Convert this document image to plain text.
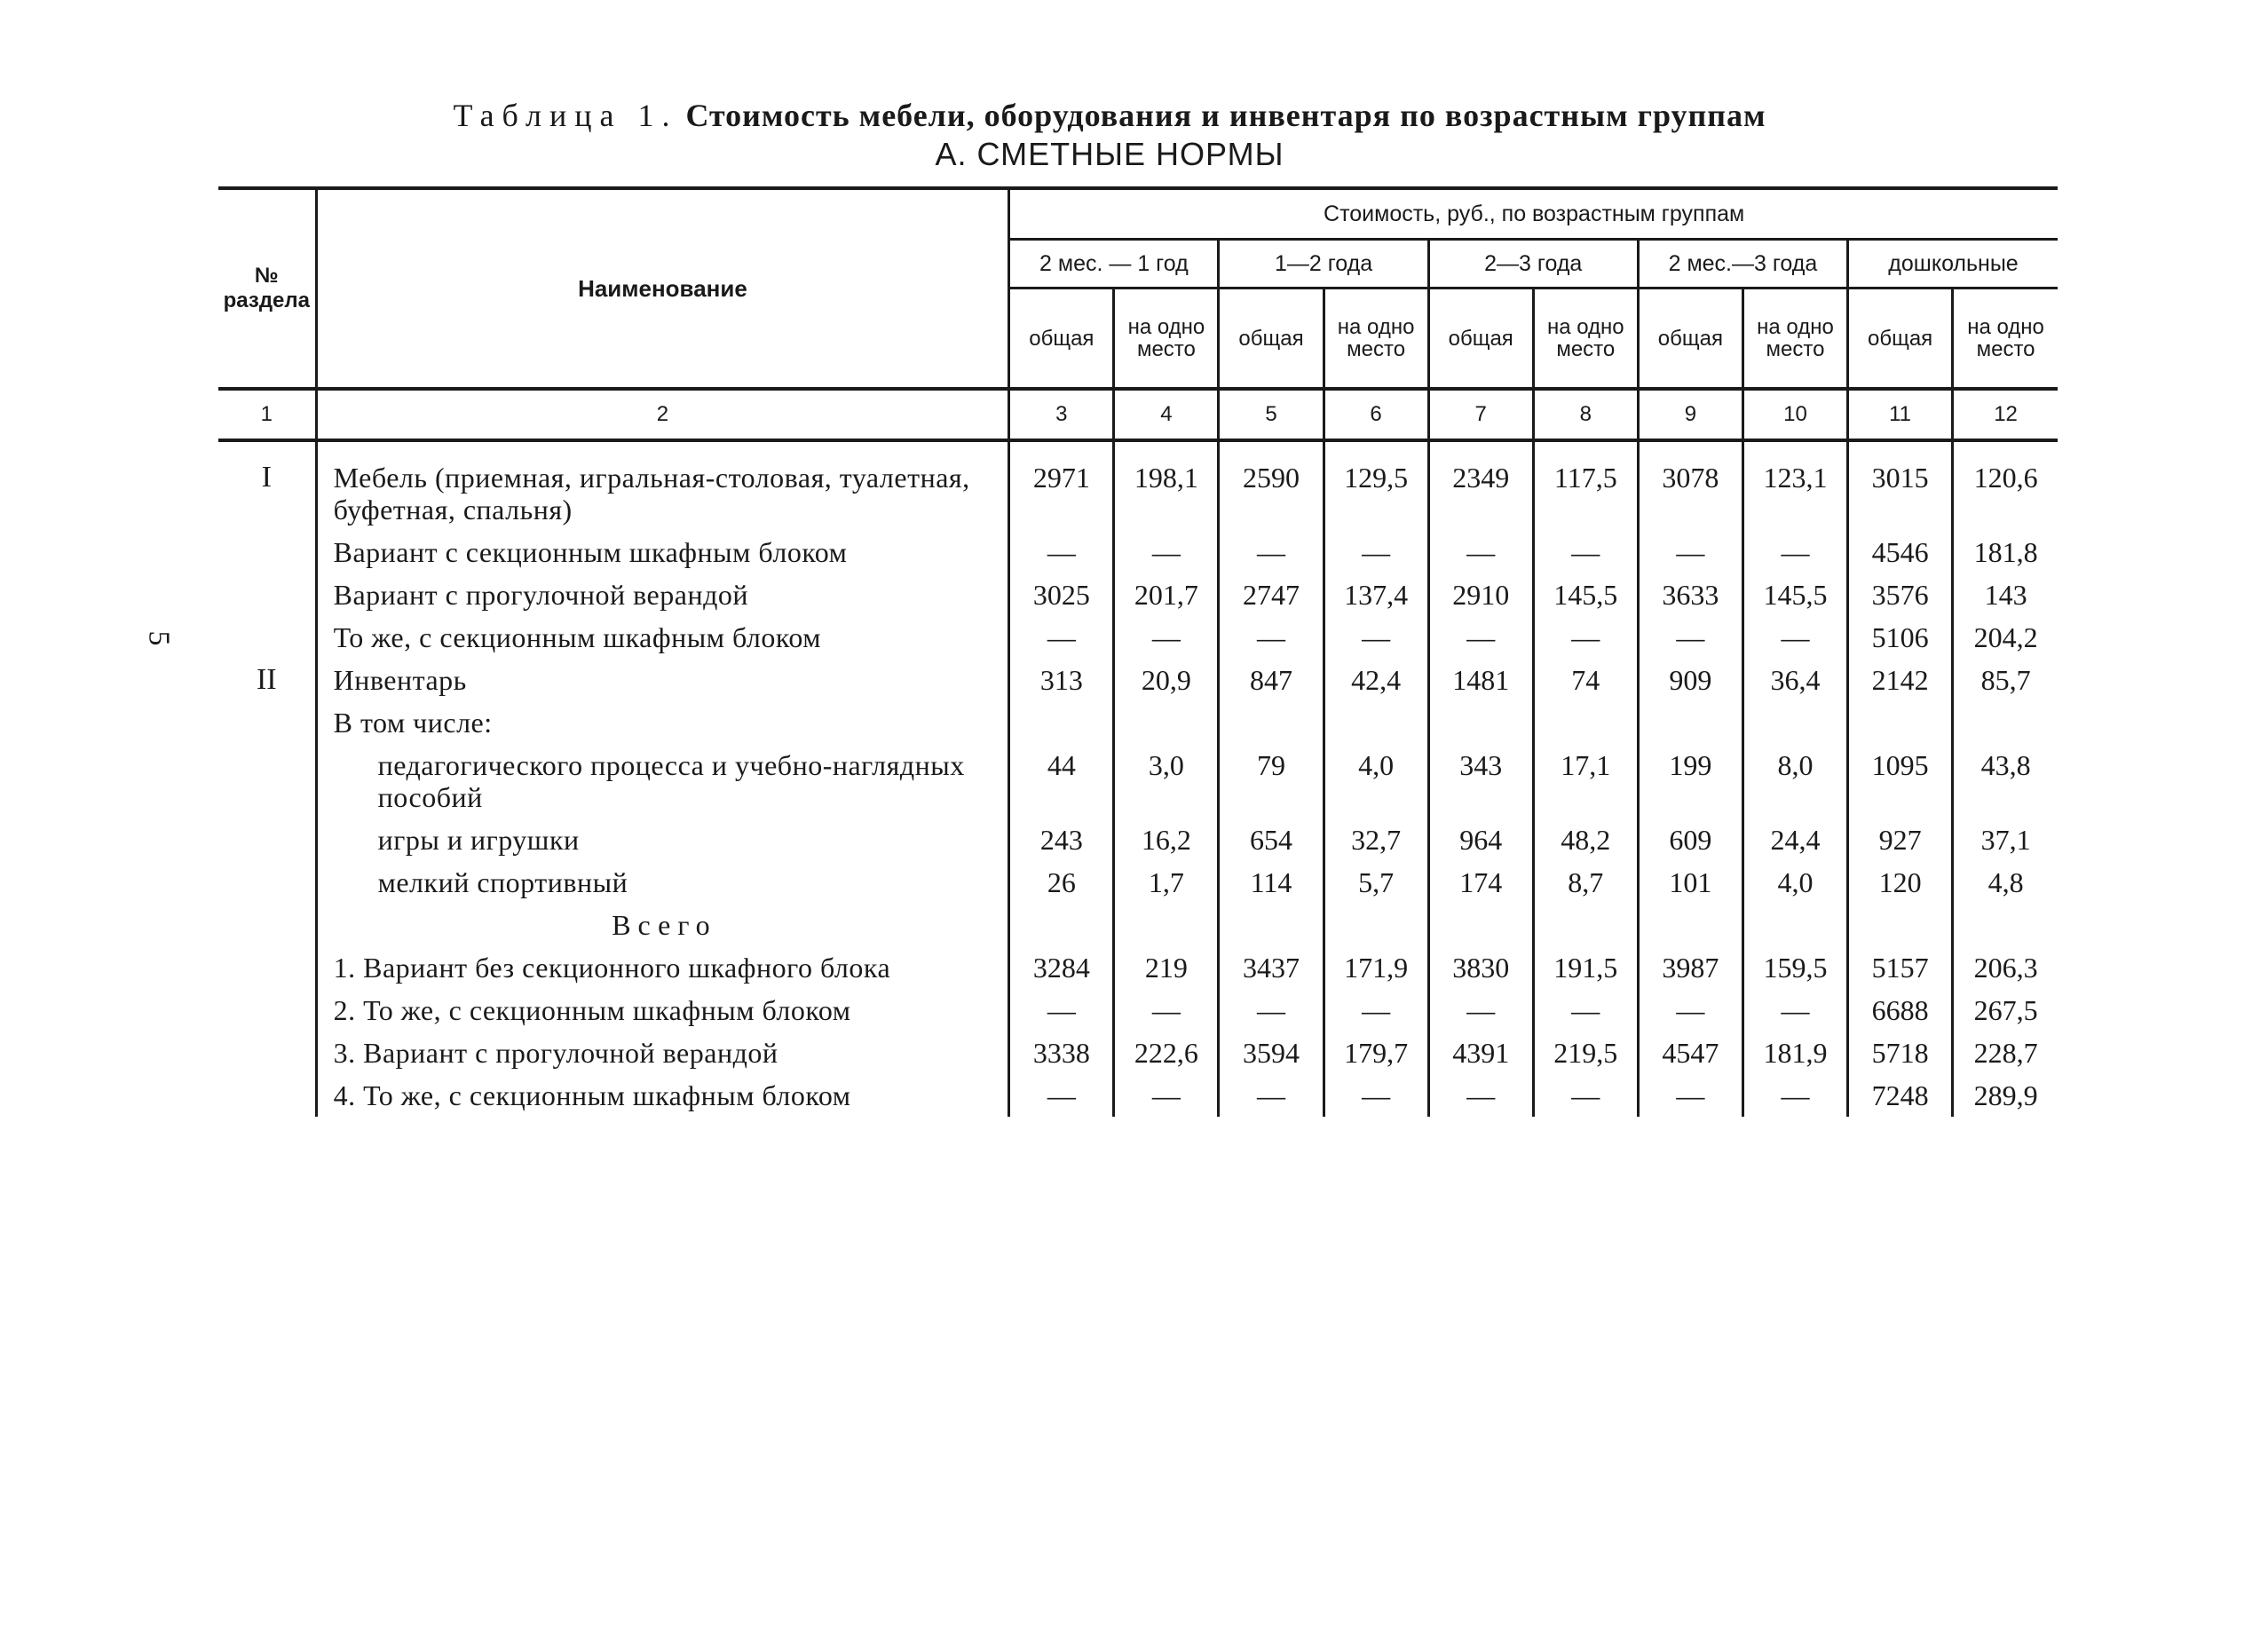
5
Таблица 1. Стоимость мебели, оборудования и инвентаря по возрастным группам
А. СМЕТНЫЕ НОРМЫ
№ раздела	Наименование	Стоимость, руб., по возрастным группам									
		2 мес. — 1 год		1—2 года		2—3 года		2 мес.—3 года		дошкольные	
		общая	на одно место	общая	на одно место	общая	на одно место	общая	на одно место	общая	на одно место
1	2	3	4	5	6	7	8	9	10	11	12
I	Мебель (приемная, игральная-столовая, туалетная, буфетная, спальня)	2971	198,1	2590	129,5	2349	117,5	3078	123,1	3015	120,6
	Вариант с секционным шкафным блоком	—	—	—	—	—	—	—	—	4546	181,8
	Вариант с прогулочной верандой	3025	201,7	2747	137,4	2910	145,5	3633	145,5	3576	143
	То же, с секционным шкафным блоком	—	—	—	—	—	—	—	—	5106	204,2
II	Инвентарь	313	20,9	847	42,4	1481	74	909	36,4	2142	85,7
	В том числе:										
	педагогического процесса и учебно-наглядных пособий	44	3,0	79	4,0	343	17,1	199	8,0	1095	43,8
	игры и игрушки	243	16,2	654	32,7	964	48,2	609	24,4	927	37,1
	мелкий спортивный	26	1,7	114	5,7	174	8,7	101	4,0	120	4,8
	Всего										
	1. Вариант без секционного шкафного блока	3284	219	3437	171,9	3830	191,5	3987	159,5	5157	206,3
	2. То же, с секционным шкафным блоком	—	—	—	—	—	—	—	—	6688	267,5
	3. Вариант с прогулочной верандой	3338	222,6	3594	179,7	4391	219,5	4547	181,9	5718	228,7
	4. То же, с секционным шкафным блоком	—	—	—	—	—	—	—	—	7248	289,9
